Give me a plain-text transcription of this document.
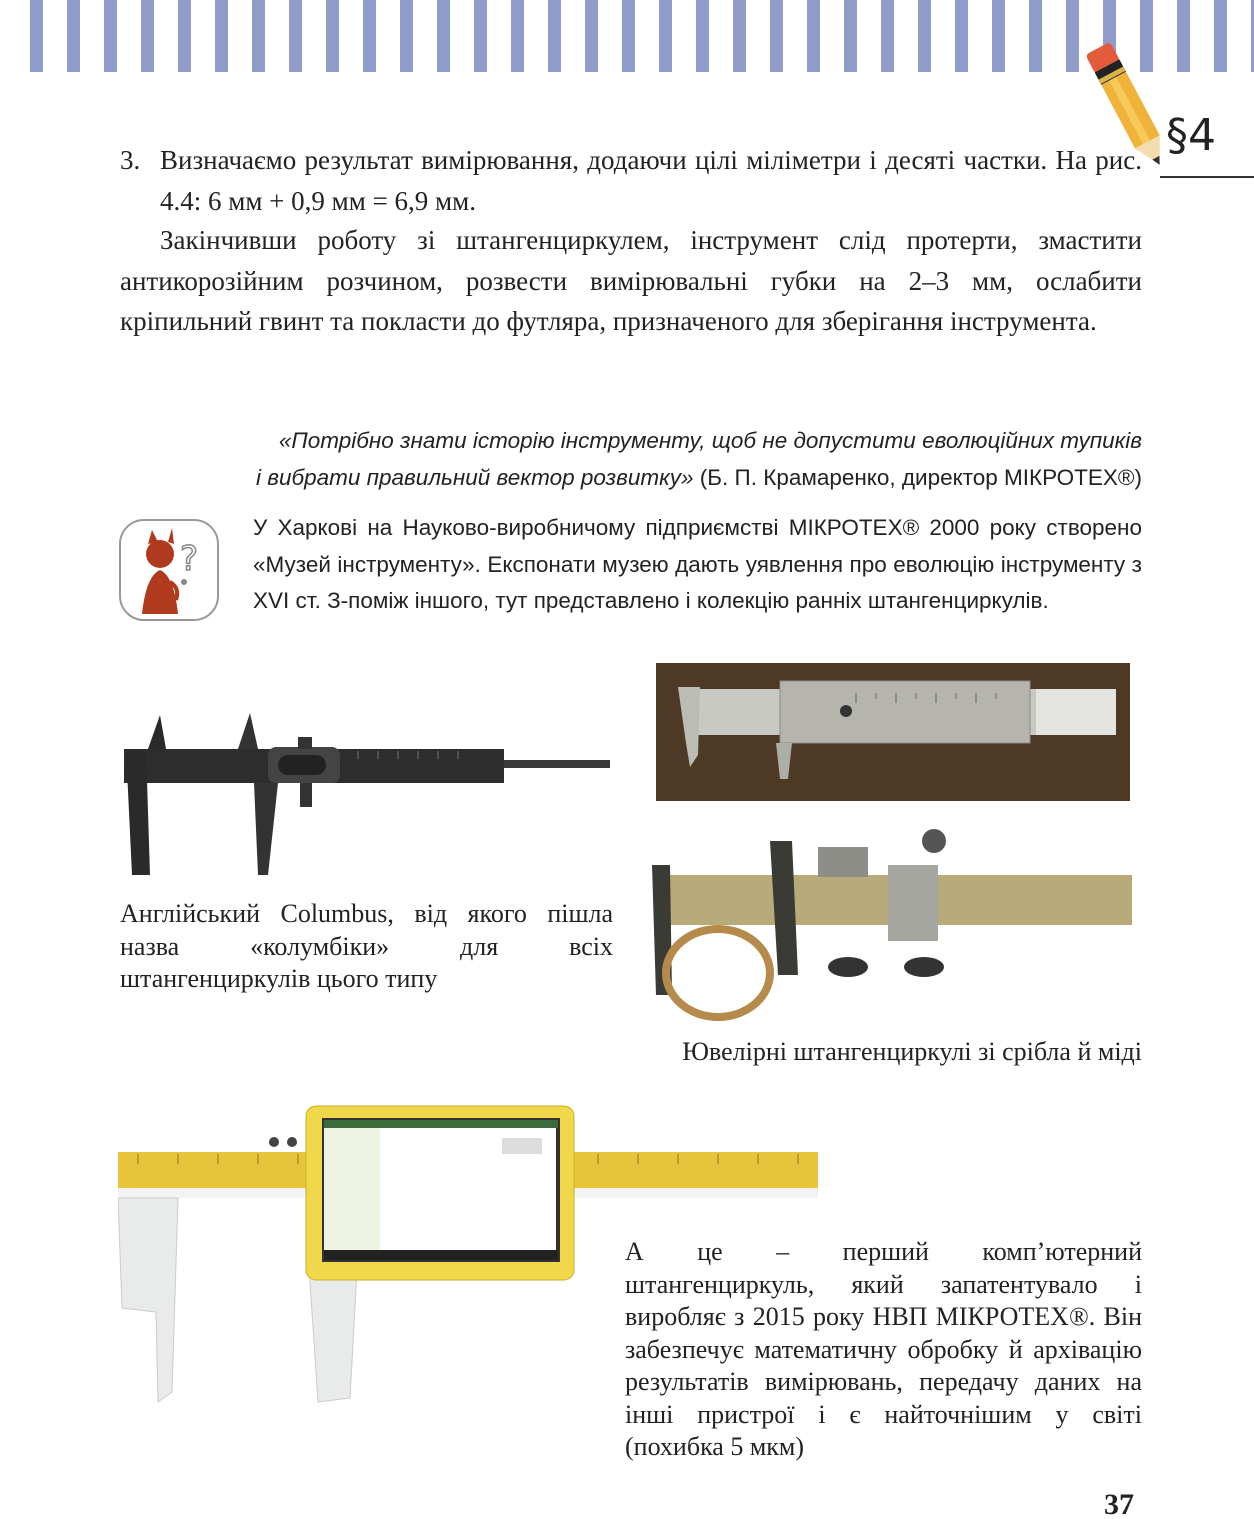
§4
3. Визначаємо результат вимірювання, додаючи цілі міліметри і десяті частки. На рис. 4.4: 6 мм + 0,9 мм = 6,9 мм.
Закінчивши роботу зі штангенциркулем, інструмент слід протерти, змастити антикорозійним розчином, розвести вимірювальні губки на 2–3 мм, ослабити кріпильний гвинт та покласти до футляра, призначеного для зберігання інструмента.
«Потрібно знати історію інструменту, щоб не допустити еволюційних тупиків
і вибрати правильний вектор розвитку» (Б. П. Крамаренко, директор МІКРОТЕХ®)
?
У Харкові на Науково-виробничому підприємстві МІКРОТЕХ® 2000 року створено «Музей інструменту». Експонати музею дають уявлення про еволюцію інструменту з XVI ст. З-поміж іншого, тут представлено і колекцію ранніх штангенциркулів.
Англійський Columbus, від якого пішла назва «колумбіки» для всіх штангенциркулів цього типу
Ювелірні штангенциркулі зі срібла й міді
А це – перший комп’ютерний штангенциркуль, який запатентувало і виробляє з 2015 року НВП МІКРОТЕХ®. Він забезпечує математичну обробку й архівацію результатів вимірювань, передачу даних на інші пристрої і є найточнішим у світі (похибка 5 мкм)
37
